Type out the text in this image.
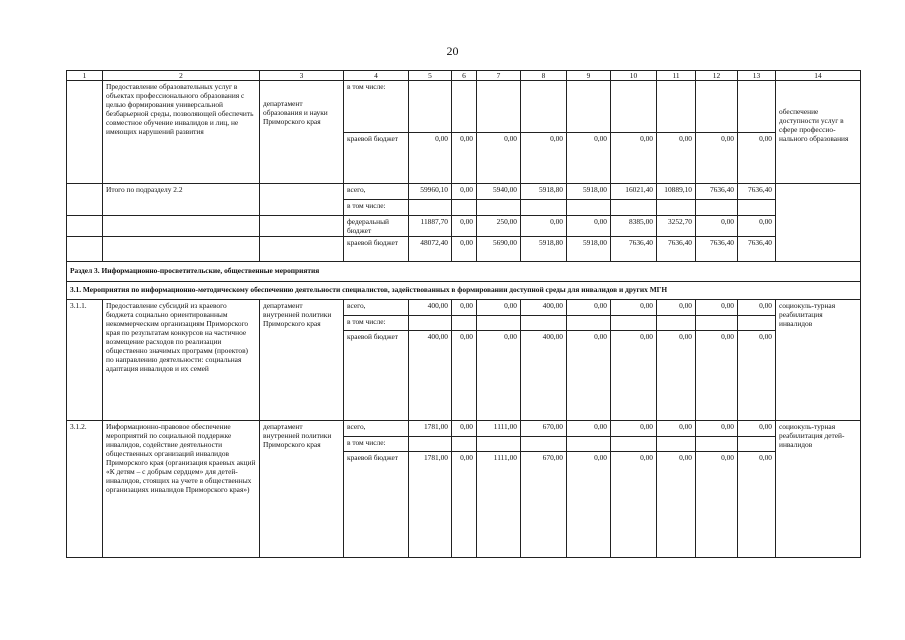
20
1	2	3	4	5	6	7	8	9	10	11	12	13	14
	Предоставление образовательных услуг в объектах профессионального образования с целью формирования универсальной безбарьерной среды, позволяющей обеспечить совместное обучение инвалидов и лиц, не имеющих нарушений развития	департамент образования и науки Приморского края	в том числе:										обеспечение доступности услуг в сфере профессио-нального образования
			краевой бюджет	0,00	0,00	0,00	0,00	0,00	0,00	0,00	0,00	0,00	
	Итого по подразделу 2.2		всего,	59960,10	0,00	5940,00	5918,80	5918,00	16021,40	10889,10	7636,40	7636,40	
			в том числе:										
			федеральный бюджет	11887,70	0,00	250,00	0,00	0,00	8385,00	3252,70	0,00	0,00	
			краевой бюджет	48072,40	0,00	5690,00	5918,80	5918,00	7636,40	7636,40	7636,40	7636,40	
Раздел 3. Информационно-просветительские, общественные мероприятия													
3.1. Мероприятия по информационно-методическому обеспечению деятельности специалистов, задействованных в формировании доступной среды для инвалидов и других МГН													
3.1.1.	Предоставление субсидий из краевого бюджета социально ориентированным некоммерческим организациям Приморского края по результатам конкурсов на частичное возмещение расходов по реализации общественно значимых программ (проектов) по направлению деятельности: социальная адаптация инвалидов и их семей	департамент внутренней политики Приморского края	всего,	400,00	0,00	0,00	400,00	0,00	0,00	0,00	0,00	0,00	социокуль-турная реабилитация инвалидов
			в том числе:										
			краевой бюджет	400,00	0,00	0,00	400,00	0,00	0,00	0,00	0,00	0,00	
3.1.2.	Информационно-правовое обеспечение мероприятий по социальной поддержке инвалидов, содействие деятельности общественных организаций инвалидов Приморского края (организация краевых акций «К детям – с добрым сердцем» для детей-инвалидов, стоящих на учете в общественных организациях инвалидов Приморского края»)	департамент внутренней политики Приморского края	всего,	1781,00	0,00	1111,00	670,00	0,00	0,00	0,00	0,00	0,00	социокуль-турная реабилитация детей-инвалидов
			в том числе:										
			краевой бюджет	1781,00	0,00	1111,00	670,00	0,00	0,00	0,00	0,00	0,00	
